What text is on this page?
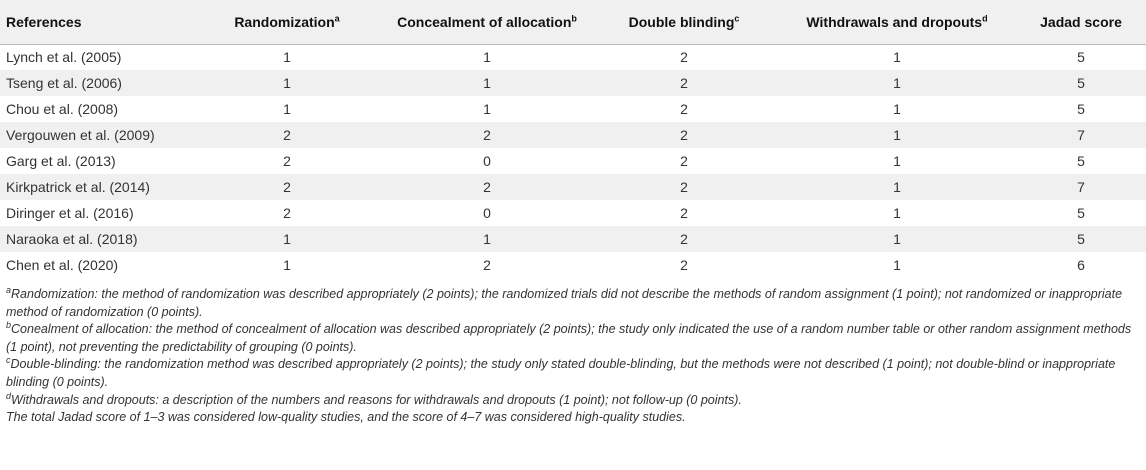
References	Randomization$^a$	Concealment of allocation$^b$	Double blinding$^c$	Withdrawals and dropouts$^d$	Jadad score
Lynch et al. (2005)	1	1	2	1	5
Tseng et al. (2006)	1	1	2	1	5
Chou et al. (2008)	1	1	2	1	5
Vergouwen et al. (2009)	2	2	2	1	7
Garg et al. (2013)	2	0	2	1	5
Kirkpatrick et al. (2014)	2	2	2	1	7
Diringer et al. (2016)	2	0	2	1	5
Naraoka et al. (2018)	1	1	2	1	5
Chen et al. (2020)	1	2	2	1	6

$^a$Randomization: the method of randomization was described appropriately (2 points); the randomized trials did not describe the methods of random assignment (1 point); not randomized or inappropriate method of randomization (0 points).

$^b$Conealment of allocation: the method of concealment of allocation was described appropriately (2 points); the study only indicated the use of a random number table or other random assignment methods (1 point), not preventing the predictability of grouping (0 points).

$^c$Double-blinding: the randomization method was described appropriately (2 points); the study only stated double-blinding, but the methods were not described (1 point); not double-blind or inappropriate blinding (0 points).

$^d$Withdrawals and dropouts: a description of the numbers and reasons for withdrawals and dropouts (1 point); not follow-up (0 points).

The total Jadad score of 1–3 was considered low-quality studies, and the score of 4–7 was considered high-quality studies.
